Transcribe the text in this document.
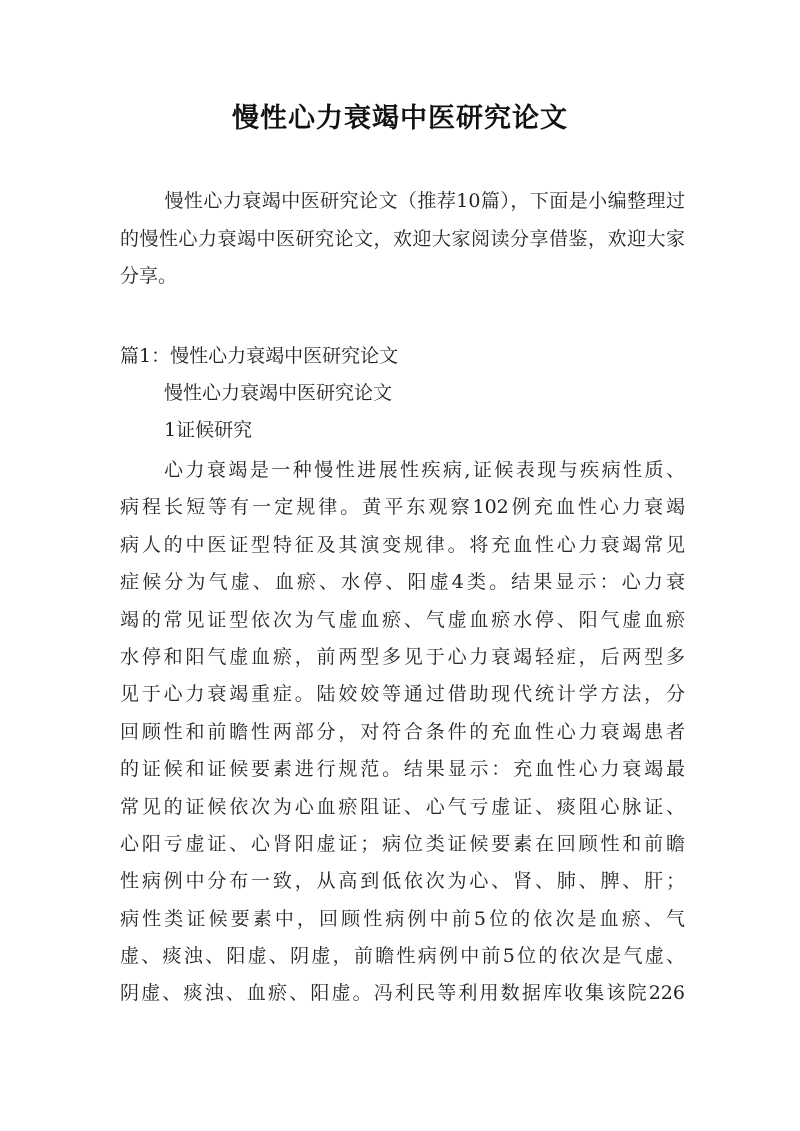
慢性心力衰竭中医研究论文

慢性心力衰竭中医研究论文（推荐10篇），下面是小编整理过的慢性心力衰竭中医研究论文，欢迎大家阅读分享借鉴，欢迎大家分享。

篇1：慢性心力衰竭中医研究论文

慢性心力衰竭中医研究论文

1证候研究

心力衰竭是一种慢性进展性疾病,证候表现与疾病性质、
病程长短等有一定规律。黄平东观察102例充血性心力衰竭
病人的中医证型特征及其演变规律。将充血性心力衰竭常见
症候分为气虚、血瘀、水停、阳虚4类。结果显示：心力衰
竭的常见证型依次为气虚血瘀、气虚血瘀水停、阳气虚血瘀
水停和阳气虚血瘀，前两型多见于心力衰竭轻症，后两型多
见于心力衰竭重症。陆姣姣等通过借助现代统计学方法，分
回顾性和前瞻性两部分，对符合条件的充血性心力衰竭患者
的证候和证候要素进行规范。结果显示：充血性心力衰竭最
常见的证候依次为心血瘀阻证、心气亏虚证、痰阻心脉证、
心阳亏虚证、心肾阳虚证；病位类证候要素在回顾性和前瞻
性病例中分布一致，从高到低依次为心、肾、肺、脾、肝；
病性类证候要素中，回顾性病例中前5位的依次是血瘀、气
虚、痰浊、阳虚、阴虚，前瞻性病例中前5位的依次是气虚、
阴虚、痰浊、血瘀、阳虚。冯利民等利用数据库收集该院226
